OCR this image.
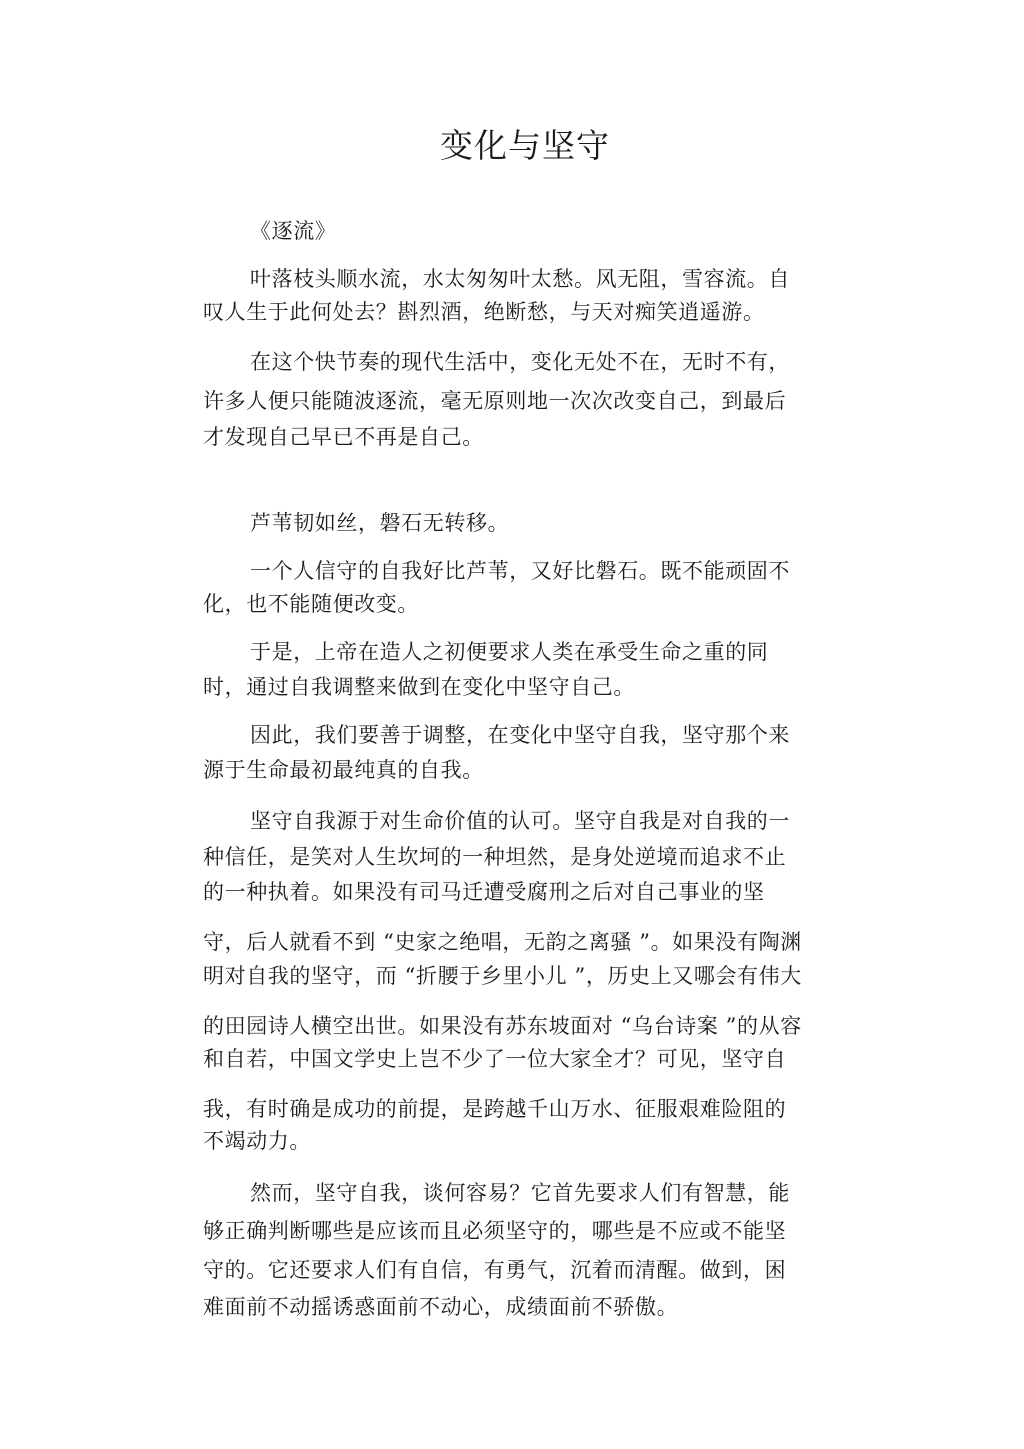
变化与坚守
《逐流》
叶落枝头顺水流，水太匆匆叶太愁。风无阻，雪容流。自
叹人生于此何处去？斟烈酒，绝断愁，与天对痴笑逍遥游。
在这个快节奏的现代生活中，变化无处不在，无时不有，
许多人便只能随波逐流，毫无原则地一次次改变自己，到最后
才发现自己早已不再是自己。
芦苇韧如丝，磐石无转移。
一个人信守的自我好比芦苇，又好比磐石。既不能顽固不
化，也不能随便改变。
于是，上帝在造人之初便要求人类在承受生命之重的同
时，通过自我调整来做到在变化中坚守自己。
因此，我们要善于调整，在变化中坚守自我，坚守那个来
源于生命最初最纯真的自我。
坚守自我源于对生命价值的认可。坚守自我是对自我的一
种信任，是笑对人生坎坷的一种坦然，是身处逆境而追求不止
的一种执着。如果没有司马迁遭受腐刑之后对自己事业的坚
守，后人就看不到 “史家之绝唱，无韵之离骚 ”。如果没有陶渊
明对自我的坚守，而 “折腰于乡里小儿 ”，历史上又哪会有伟大
的田园诗人横空出世。如果没有苏东坡面对 “乌台诗案 ”的从容
和自若，中国文学史上岂不少了一位大家全才？可见，坚守自
我，有时确是成功的前提，是跨越千山万水、征服艰难险阻的
不竭动力。
然而，坚守自我，谈何容易？它首先要求人们有智慧，能
够正确判断哪些是应该而且必须坚守的，哪些是不应或不能坚
守的。它还要求人们有自信，有勇气，沉着而清醒。做到，困
难面前不动摇诱惑面前不动心，成绩面前不骄傲。
